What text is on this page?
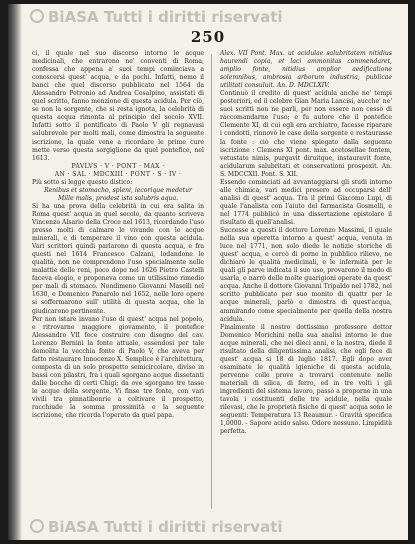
BiASA Tutti i diritti riservati
250

ci, il quale nel suo discorso intorno le acque medicinali, che entrarono ne' conventi di Roma, confessa che appena a' suoi tempi cominciava a conoscersi quest' acqua, e da pochi. Infatti, nemo il banci che quel discorso pubblicato nel 1564 da Alessandro Petronio ad Andrea Cesalpino, assistati di quel scritto, fanno menzione di questa acidula. Per ciò, se non la sorgente, che si resta ignota, la celebrità di questa acqua rimonta al principio del secolo XVII. Infatti sotto il pontificato di Paolo V gli regnavasi salubrevole per molti mali, come dimostra la seguente iscrizione, la quale vene a ricordare le prime cure mette verso questa sorgiglione da quel pontefice, nel 1613.

PAVLVS · V · PONT · MAX ·

AN · SAL · MDCXIII · PONT · S · IV ·

Più sotto si legge questo distico:

Renibus et stomacho, spleni, iecorique medetur

Mille malis, prodest ista salubris aqua.

Si ha una prova della celebrità in cui era salita in Roma quest' acqua in quel secolo, da quanto scriveva Vincenzo Alsario della Croce nel 1613, ricordando l'uso presso molti di calmare le vivande con le acque minerali, e di temperare il vino con questa acidula. Vari scrittori quindi parlarono di questa acqua, e fra questi nel 1614 Francesco Calzani, lodandone le qualità, non ne comprendono l'uso specialmente nelle malattie delle reni, poco dopo nel 1626 Pietro Castelli faceva elogio, e proponeva come un utilissimo rimedio per mali di stomaco. Nondimeno Giovanni Maselli nel 1630, e Domenico Panarolo nel 1652, nelle loro opere si soffermarono sull' utilità di questa acqua, che la giudicarono pertinente.

Per non istare invano l'uso di quest' acqua nel popolo, e ritrovarne maggiore giovamento, il pontefice Alessandro VII fece costruire con disegno del cav. Lorenzo Bernini la fonte attuale, essendosi per tale demolita la vecchia fonte di Paolo V, che aveva per fatto restaurare Innocenzo X. Semplice è l'architettura, composta di un solo prospetto semicircolare, diviso in bassi con pilastri, fra i quali sgorgano acque dissetanti dalle bocche di certi Chigi; da ove sgorgano tre tasse le acque della sorgente. Vi finse tre fonte, con vari vivili tra pinnatibonrie a coltivare il prospetto, racchiude la somma prossimità e la seguente iscrizione, che ricorda l'operato da quel papa.

Alex. VII Pont. Max. ut acidulae salubritatem nitidius haurendi copia, et laci ammonitas commendaret, amplio fonte, nitidius amplior aedificatione solemnibus, ambrosia arborum industria, publicae utilitati consuluit. An. D. MDCLXIV.

Continuò il credito di quest' acidula anche ne' tempi posteriori, ed il celebre Gian Maria Lancisi, aucche' ne' suoi scritti non ne parli, per non essere non cessò di raccomandarne l'uso; e fu autore che il pontefice Clemente XI, di cui egli era archiatro, facesse riparare i condotti, rinnovò le case della sorgente e restaurasse la fonte : ciò che viene spiegato dalla seguente iscrizione : Clemens XI pont. max. acetosellae fontem, vetustate nimis, purgavit diruitque, instauravit fonte, acidularum salubritati et conservationi prospexit. An. S. MDCCXII. Pont. S. XII.

Essendo cominciati ad avvantaggiarsi gli studi intorno alle chimica, vari medici presero ad occuparsi dell' analisi di quest' acqua. Tra il primi Giacomo Lupi, di quale l'analista con l'aiuto del farmacista Gosmelli, e nel 1774 pubblicò in una dissertazione epistolare il risultato di quell'analisi.

Successe a questi il dottore Lorenzo Massimi, il quale nella sua operetta intorno a quest' acqua, venuta in luce nel 1771, non solo diede le notizie storiche di quest' acqua, e cercò di porne in pubblico rilievo, ne dichiarò le qualità medicinali, e le infermità per le quali gli parve indicata il suo uso, provarono il modo di usarla, e narrò delle molte guarigioni operate da quest' acqua. Anche il dottore Giovanni Tripaldo nel 1782, nel scritto pubblicato per suo monito di quattr per le acque minerali, parlò e dimostra di quest'acqua, ammirando come specialmente per quella della nostra acidula.

Finalmente il nostro dottissimo professore dottor Domenico Morichini nella sua analisi intorno le due acque minerali, che nei dieci anni, e la nostra, diede il risultato della diligentissima analisi, che egli fece di quest' acqua si 18 di luglio 1817. Egli dopo aver esaminate le qualità igieniche di questa acidula, pervenne colle prove a trovarvi contenute nelle materiali di silica, di ferro, ed in tre volti i gli ingredienti del sistema lavoro, passò a proporne in una tavola i costituenti delle tre acidule, nella quale rilevasi, che le proprietà fisiche di quest' acqua sono le seguenti: Temperatura 13 Reaumur. - Gravità specifica 1,0000. - Sapore acido salso. Odore nessuno. Limpidità perfetta.

BiASA Tutti i diritti riservati
